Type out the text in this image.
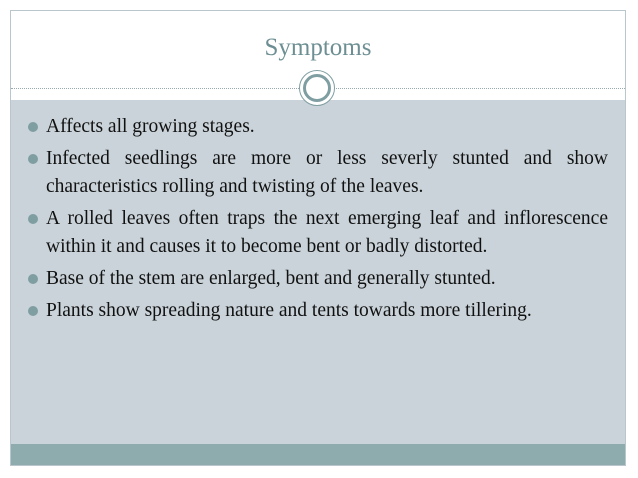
Symptoms
Affects all growing stages.
Infected seedlings are more or less severly stunted and show characteristics rolling and twisting of the leaves.
A rolled leaves often traps the next emerging leaf and inflorescence within it and causes it to become bent or badly distorted.
Base of the stem are enlarged, bent and generally stunted.
Plants show spreading nature and tents towards more tillering.
